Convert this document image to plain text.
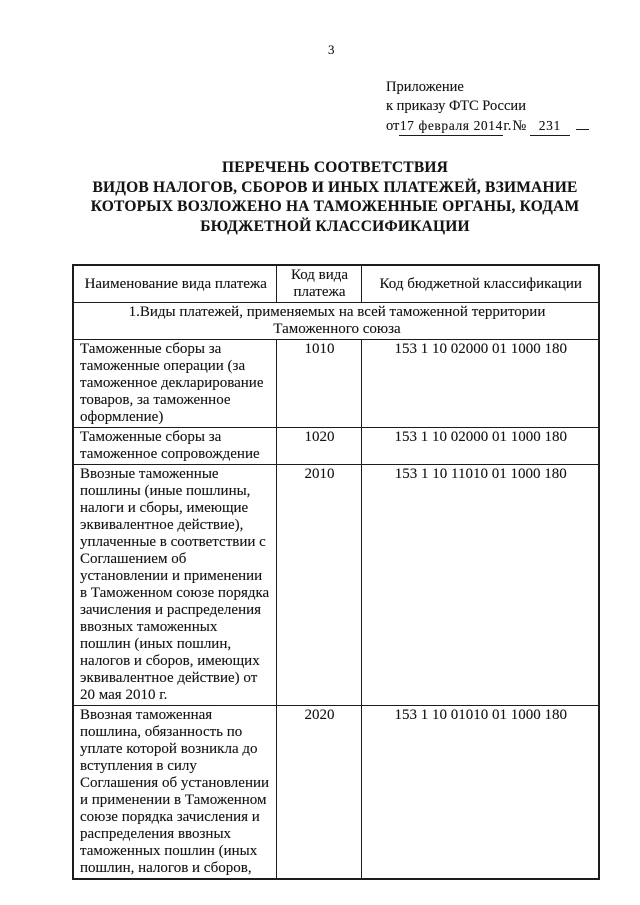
3
Приложение
к приказу ФТС России
от17 февраля 2014г.№ 231
ПЕРЕЧЕНЬ СООТВЕТСТВИЯ
ВИДОВ НАЛОГОВ, СБОРОВ И ИНЫХ ПЛАТЕЖЕЙ, ВЗИМАНИЕ
КОТОРЫХ ВОЗЛОЖЕНО НА ТАМОЖЕННЫЕ ОРГАНЫ, КОДАМ
БЮДЖЕТНОЙ КЛАССИФИКАЦИИ
Наименование вида платежа	Код вида платежа	Код бюджетной классификации

1.Виды платежей, применяемых на всей таможенной территории
Таможенного союза		

Таможенные сборы за таможенные операции (за таможенное декларирование товаров, за таможенное оформление)	1010	153 1 10 02000 01 1000 180
Таможенные сборы за таможенное сопровождение	1020	153 1 10 02000 01 1000 180
Ввозные таможенные пошлины (иные пошлины, налоги и сборы, имеющие эквивалентное действие), уплаченные в соответствии с Соглашением об установлении и применении в Таможенном союзе порядка зачисления и распределения ввозных таможенных пошлин (иных пошлин, налогов и сборов, имеющих эквивалентное действие) от 20 мая 2010 г.	2010	153 1 10 11010 01 1000 180
Ввозная таможенная пошлина, обязанность по уплате которой возникла до вступления в силу Соглашения об установлении и применении в Таможенном союзе порядка зачисления и распределения ввозных таможенных пошлин (иных пошлин, налогов и сборов,	2020	153 1 10 01010 01 1000 180
